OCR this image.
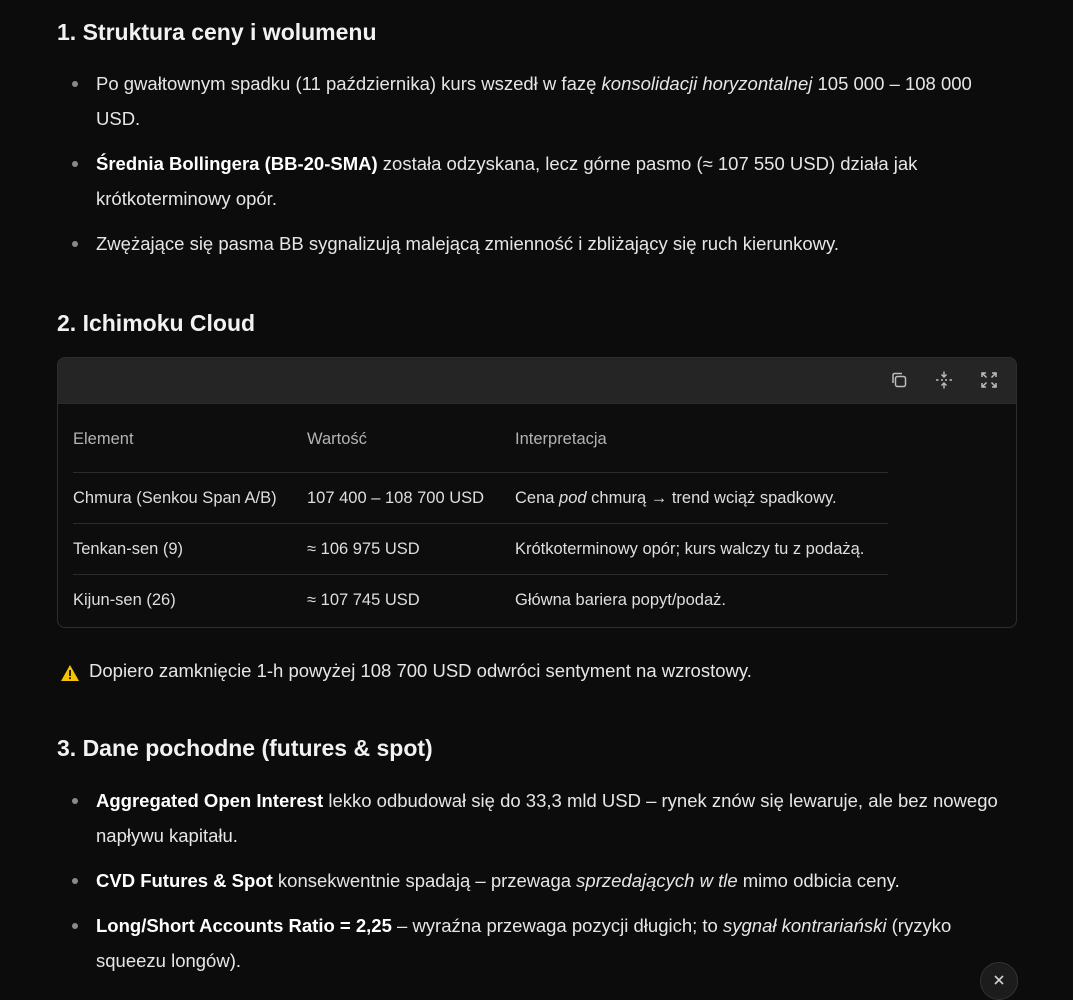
1. Struktura ceny i wolumenu
Po gwałtownym spadku (11 października) kurs wszedł w fazę konsolidacji horyzontalnej 105 000 – 108 000 USD.
Średnia Bollingera (BB-20-SMA) została odzyskana, lecz górne pasmo (≈ 107 550 USD) działa jak krótkoterminowy opór.
Zwężające się pasma BB sygnalizują malejącą zmienność i zbliżający się ruch kierunkowy.
2. Ichimoku Cloud
Element	Wartość	Interpretacja
Chmura (Senkou Span A/B)	107 400 – 108 700 USD	Cena pod chmurą → trend wciąż spadkowy.
Tenkan-sen (9)	≈ 106 975 USD	Krótkoterminowy opór; kurs walczy tu z podażą.
Kijun-sen (26)	≈ 107 745 USD	Główna bariera popyt/podaż.
Dopiero zamknięcie 1-h powyżej 108 700 USD odwróci sentyment na wzrostowy.
3. Dane pochodne (futures & spot)
Aggregated Open Interest lekko odbudował się do 33,3 mld USD – rynek znów się lewaruje, ale bez nowego napływu kapitału.
CVD Futures & Spot konsekwentnie spadają – przewaga sprzedających w tle mimo odbicia ceny.
Long/Short Accounts Ratio = 2,25 – wyraźna przewaga pozycji długich; to sygnał kontrariański (ryzyko squeezu longów).
